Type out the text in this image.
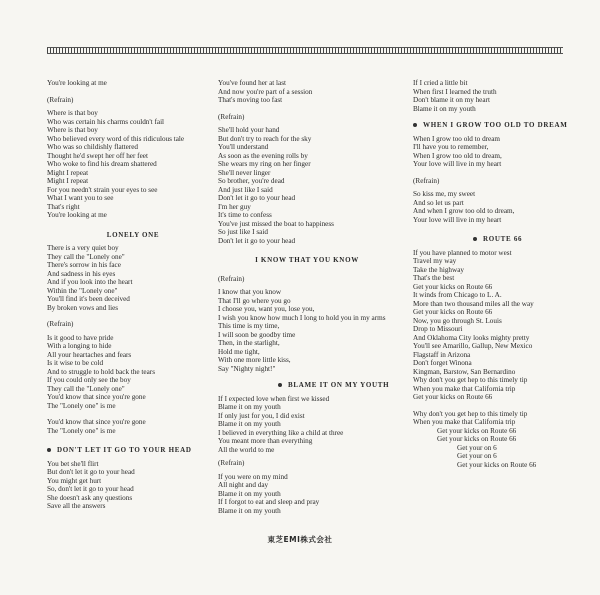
You're looking at me
(Refrain)
Where is that boy
Who was certain his charms couldn't fail
Where is that boy
Who believed every word of this ridiculous tale
Who was so childishly flattered
Thought he'd swept her off her feet
Who woke to find his dream shattered
Might I repeat
Might I repeat
For you needn't strain your eyes to see
What I want you to see
That's right
You're looking at me
LONELY ONE
There is a very quiet boy
They call the "Lonely one"
There's sorrow in his face
And sadness in his eyes
And if you look into the heart
Within the "Lonely one"
You'll find it's been deceived
By broken vows and lies
(Refrain)
Is it good to have pride
With a longing to hide
All your heartaches and fears
Is it wise to be cold
And to struggle to hold back the tears
If you could only see the boy
They call the "Lonely one"
You'd know that since you're gone
The "Lonely one" is me
You'd know that since you're gone
The "Lonely one" is me
DON'T LET IT GO TO YOUR HEAD
You bet she'll flirt
But don't let it go to your head
You might get hurt
So, don't let it go to your head
She doesn't ask any questions
Save all the answers
You've found her at last
And now you're part of a session
That's moving too fast
(Refrain)
She'll hold your hand
But don't try to reach for the sky
You'll understand
As soon as the evening rolls by
She wears my ring on her finger
She'll never linger
So brother, you're dead
And just like I said
Don't let it go to your head
I'm her guy
It's time to confess
You've just missed the boat to happiness
So just like I said
Don't let it go to your head
I KNOW THAT YOU KNOW
(Refrain)
I know that you know
That I'll go where you go
I choose you, want you, lose you,
I wish you know how much I long to hold you in my arms
This time is my time,
I will soon be goodby time
Then, in the starlight,
Hold me tight,
With one more little kiss,
Say "Nighty night!"
BLAME IT ON MY YOUTH
If I expected love when first we kissed
Blame it on my youth
If only just for you, I did exist
Blame it on my youth
I believed in everything like a child at three
You meant more than everything
All the world to me
(Refrain)
If you were on my mind
All night and day
Blame it on my youth
If I forgot to eat and sleep and pray
Blame it on my youth
If I cried a little bit
When first I learned the truth
Don't blame it on my heart
Blame it on my youth
WHEN I GROW TOO OLD TO DREAM
When I grow too old to dream
I'll have you to remember,
When I grow too old to dream,
Your love will live in my heart
(Refrain)
So kiss me, my sweet
And so let us part
And when I grow too old to dream,
Your love will live in my heart
ROUTE 66
If you have planned to motor west
Travel my way
Take the highway
That's the best
Get your kicks on Route 66
It winds from Chicago to L. A.
More than two thousand miles all the way
Get your kicks on Route 66
Now, you go through St. Louis
Drop to Missouri
And Oklahoma City looks mighty pretty
You'll see Amarillo, Gallup, New Mexico
Flagstaff in Arizona
Don't forget Winona
Kingman, Barstow, San Bernardino
Why don't you get hep to this timely tip
When you make that California trip
Get your kicks on Route 66
Why don't you get hep to this timely tip
When you make that California trip
Get your kicks on Route 66
Get your kicks on Route 66
Get your on 6
Get your on 6
Get your kicks on Route 66
東芝EMI株式会社
